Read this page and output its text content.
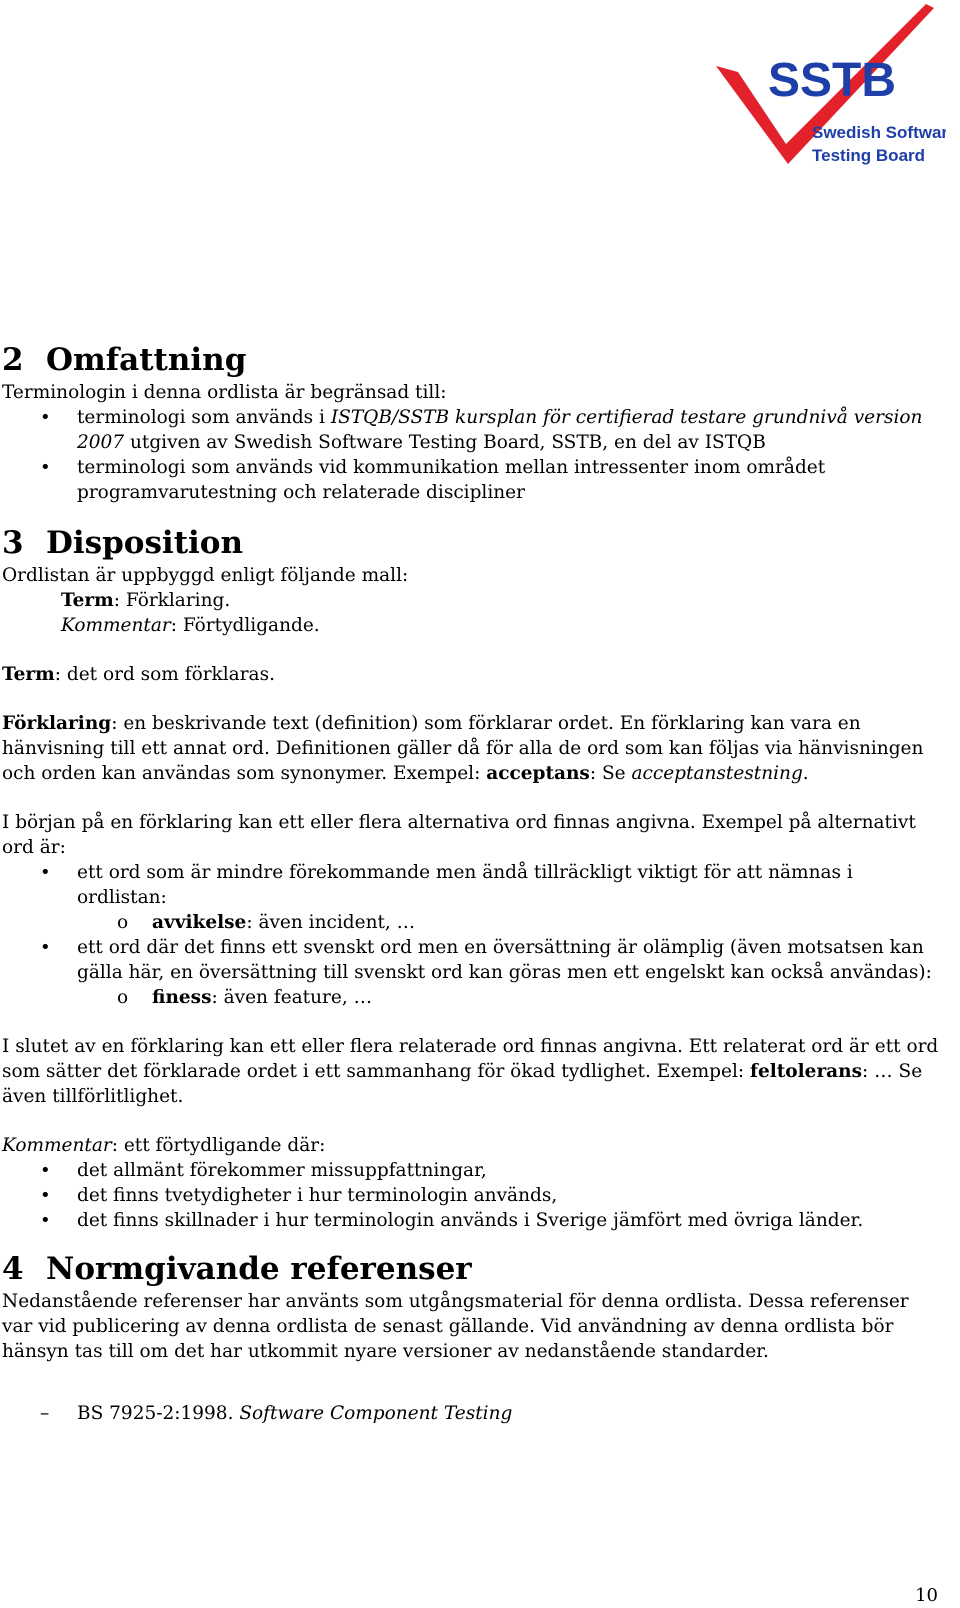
SSTB
Swedish Software
Testing Board
2 Omfattning

Terminologin i denna ordlista är begränsad till:

•
terminologi som används i ISTQB/SSTB kursplan för certifierad testare grundnivå version 2007 utgiven av Swedish Software Testing Board, SSTB, en del av ISTQB
•
terminologi som används vid kommunikation mellan intressenter inom området programvarutestning och relaterade discipliner
3 Disposition

Ordlistan är uppbyggd enligt följande mall:

Term: Förklaring.

Kommentar: Förtydligande.

Term: det ord som förklaras.

Förklaring: en beskrivande text (definition) som förklarar ordet. En förklaring kan vara en hänvisning till ett annat ord. Definitionen gäller då för alla de ord som kan följas via hänvisningen och orden kan användas som synonymer. Exempel: acceptans: Se acceptanstestning.

I början på en förklaring kan ett eller flera alternativa ord finnas angivna. Exempel på alternativt ord är:

•
ett ord som är mindre förekommande men ändå tillräckligt viktigt för att nämnas i ordlistan:
o avvikelse: även incident, …
•
ett ord där det finns ett svenskt ord men en översättning är olämplig (även motsatsen kan gälla här, en översättning till svenskt ord kan göras men ett engelskt kan också användas):
o finess: även feature, …

I slutet av en förklaring kan ett eller flera relaterade ord finnas angivna. Ett relaterat ord är ett ord som sätter det förklarade ordet i ett sammanhang för ökad tydlighet. Exempel: feltolerans: … Se även tillförlitlighet.

Kommentar: ett förtydligande där:

•
det allmänt förekommer missuppfattningar,
•
det finns tvetydigheter i hur terminologin används,
•
det finns skillnader i hur terminologin används i Sverige jämfört med övriga länder.
4 Normgivande referenser

Nedanstående referenser har använts som utgångsmaterial för denna ordlista. Dessa referenser var vid publicering av denna ordlista de senast gällande. Vid användning av denna ordlista bör hänsyn tas till om det har utkommit nyare versioner av nedanstående standarder.

– BS 7925-2:1998. Software Component Testing
10
